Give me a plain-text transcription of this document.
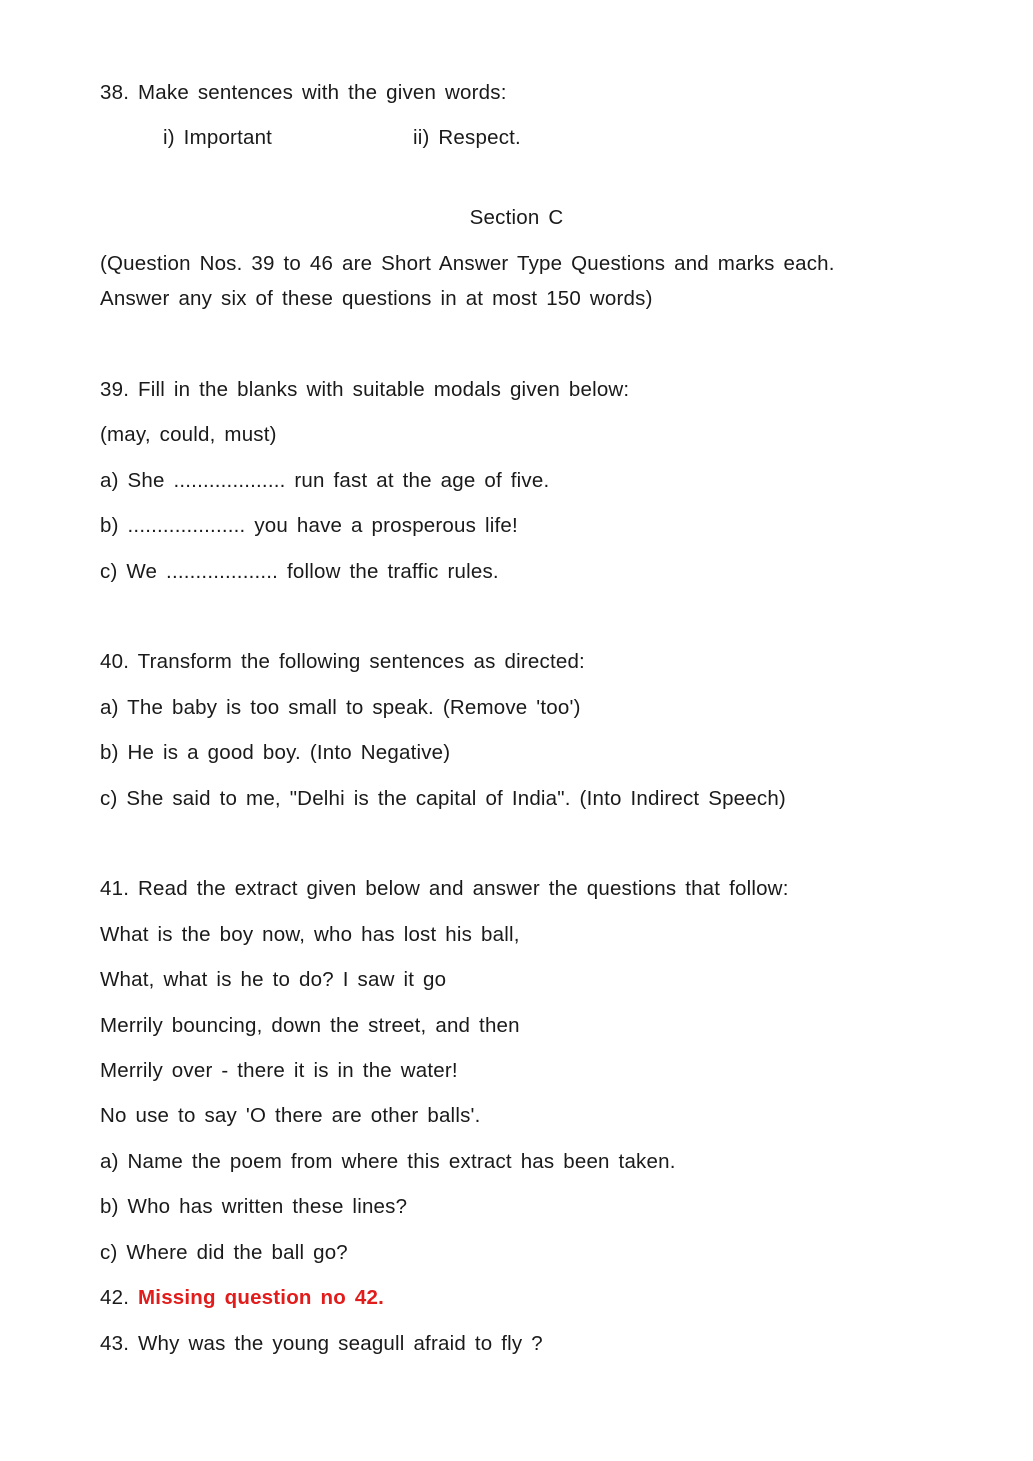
38. Make sentences with the given words:
i) Important	ii) Respect.
Section C
(Question Nos. 39 to 46 are Short Answer Type Questions and marks each.
Answer any six of these questions in at most 150 words)
39. Fill in the blanks with suitable modals given below:
(may, could, must)
a) She ................... run fast at the age of five.
b) .................... you have a prosperous life!
c) We ................... follow the traffic rules.
40. Transform the following sentences as directed:
a) The baby is too small to speak. (Remove 'too')
b) He is a good boy. (Into Negative)
c) She said to me, "Delhi is the capital of India". (Into Indirect Speech)
41. Read the extract given below and answer the questions that follow:
What is the boy now, who has lost his ball,
What, what is he to do? I saw it go
Merrily bouncing, down the street, and then
Merrily over - there it is in the water!
No use to say 'O there are other balls'.
a) Name the poem from where this extract has been taken.
b) Who has written these lines?
c) Where did the ball go?
42. Missing question no 42.
43. Why was the young seagull afraid to fly ?
